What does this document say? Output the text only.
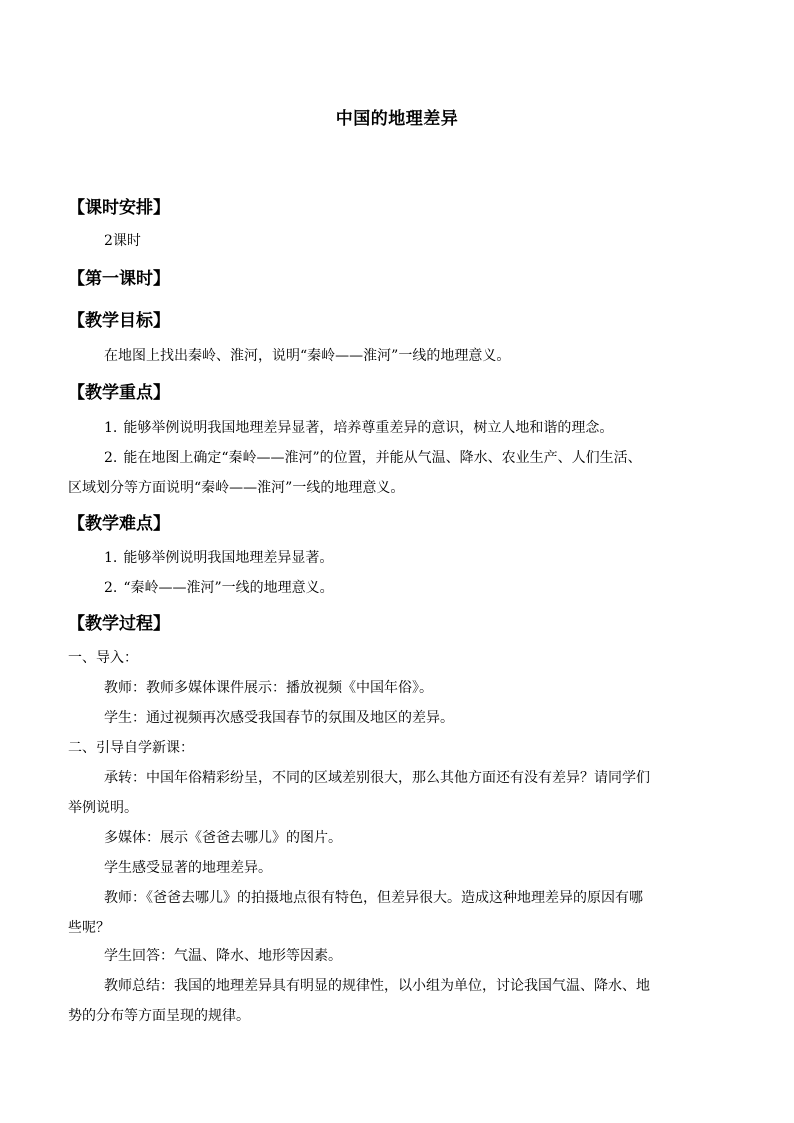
中国的地理差异
【课时安排】
2课时
【第一课时】
【教学目标】
在地图上找出秦岭、淮河，说明“秦岭——淮河”一线的地理意义。
【教学重点】
1. 能够举例说明我国地理差异显著，培养尊重差异的意识，树立人地和谐的理念。
2. 能在地图上确定“秦岭——淮河”的位置，并能从气温、降水、农业生产、人们生活、
区域划分等方面说明“秦岭——淮河”一线的地理意义。
【教学难点】
1. 能够举例说明我国地理差异显著。
2. “秦岭——淮河”一线的地理意义。
【教学过程】
一、导入：
教师：教师多媒体课件展示：播放视频《中国年俗》。
学生：通过视频再次感受我国春节的氛围及地区的差异。
二、引导自学新课：
承转：中国年俗精彩纷呈，不同的区域差别很大，那么其他方面还有没有差异？请同学们
举例说明。
多媒体：展示《爸爸去哪儿》的图片。
学生感受显著的地理差异。
教师：《爸爸去哪儿》的拍摄地点很有特色，但差异很大。造成这种地理差异的原因有哪
些呢？
学生回答：气温、降水、地形等因素。
教师总结：我国的地理差异具有明显的规律性，以小组为单位，讨论我国气温、降水、地
势的分布等方面呈现的规律。
